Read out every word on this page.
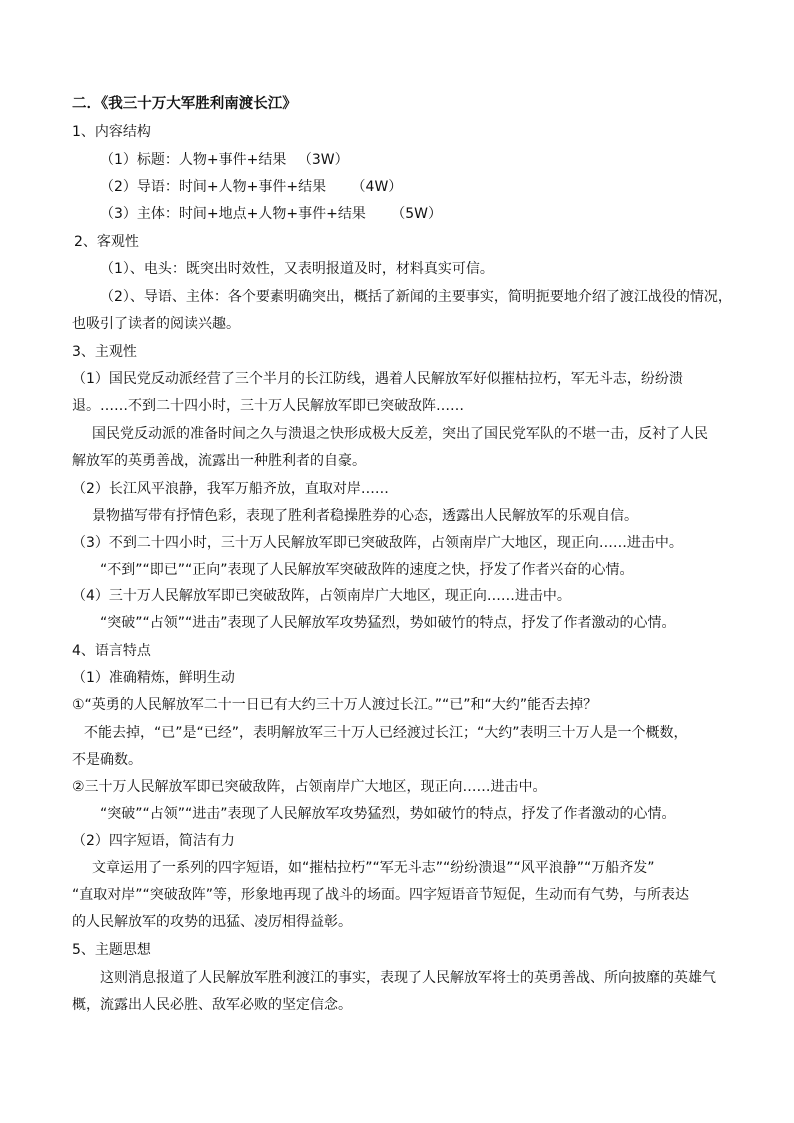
二．《我三十万大军胜利南渡长江》
1、内容结构
（1）标题：人物+事件+结果 　（3W）
（2）导语：时间+人物+事件+结果 　　（4W）
（3）主体：时间+地点+人物+事件+结果 　　（5W）
2、客观性
（1）、电头：既突出时效性，又表明报道及时，材料真实可信。
（2）、导语、主体：各个要素明确突出，概括了新闻的主要事实，简明扼要地介绍了渡江战役的情况，
也吸引了读者的阅读兴趣。
3、主观性
（1）国民党反动派经营了三个半月的长江防线，遇着人民解放军好似摧枯拉朽，军无斗志，纷纷溃
退。……不到二十四小时，三十万人民解放军即已突破敌阵……
国民党反动派的准备时间之久与溃退之快形成极大反差，突出了国民党军队的不堪一击，反衬了人民
解放军的英勇善战，流露出一种胜利者的自豪。
（2）长江风平浪静，我军万船齐放，直取对岸……
景物描写带有抒情色彩，表现了胜利者稳操胜券的心态，透露出人民解放军的乐观自信。
（3）不到二十四小时，三十万人民解放军即已突破敌阵，占领南岸广大地区，现正向……进击中。
“不到”“即已”“正向”表现了人民解放军突破敌阵的速度之快，抒发了作者兴奋的心情。
（4）三十万人民解放军即已突破敌阵，占领南岸广大地区，现正向……进击中。
“突破”“占领”“进击”表现了人民解放军攻势猛烈，势如破竹的特点，抒发了作者激动的心情。
4、语言特点
（1）准确精炼，鲜明生动
①“英勇的人民解放军二十一日已有大约三十万人渡过长江。”“已”和“大约”能否去掉？
不能去掉，“已”是“已经”，表明解放军三十万人已经渡过长江；“大约”表明三十万人是一个概数，
不是确数。
②三十万人民解放军即已突破敌阵，占领南岸广大地区，现正向……进击中。
“突破”“占领”“进击”表现了人民解放军攻势猛烈，势如破竹的特点，抒发了作者激动的心情。
（2）四字短语，简洁有力
文章运用了一系列的四字短语，如“摧枯拉朽”“军无斗志”“纷纷溃退”“风平浪静”“万船齐发”
“直取对岸”“突破敌阵”等，形象地再现了战斗的场面。四字短语音节短促，生动而有气势，与所表达
的人民解放军的攻势的迅猛、凌厉相得益彰。
5、主题思想
这则消息报道了人民解放军胜利渡江的事实，表现了人民解放军将士的英勇善战、所向披靡的英雄气
概，流露出人民必胜、敌军必败的坚定信念。
